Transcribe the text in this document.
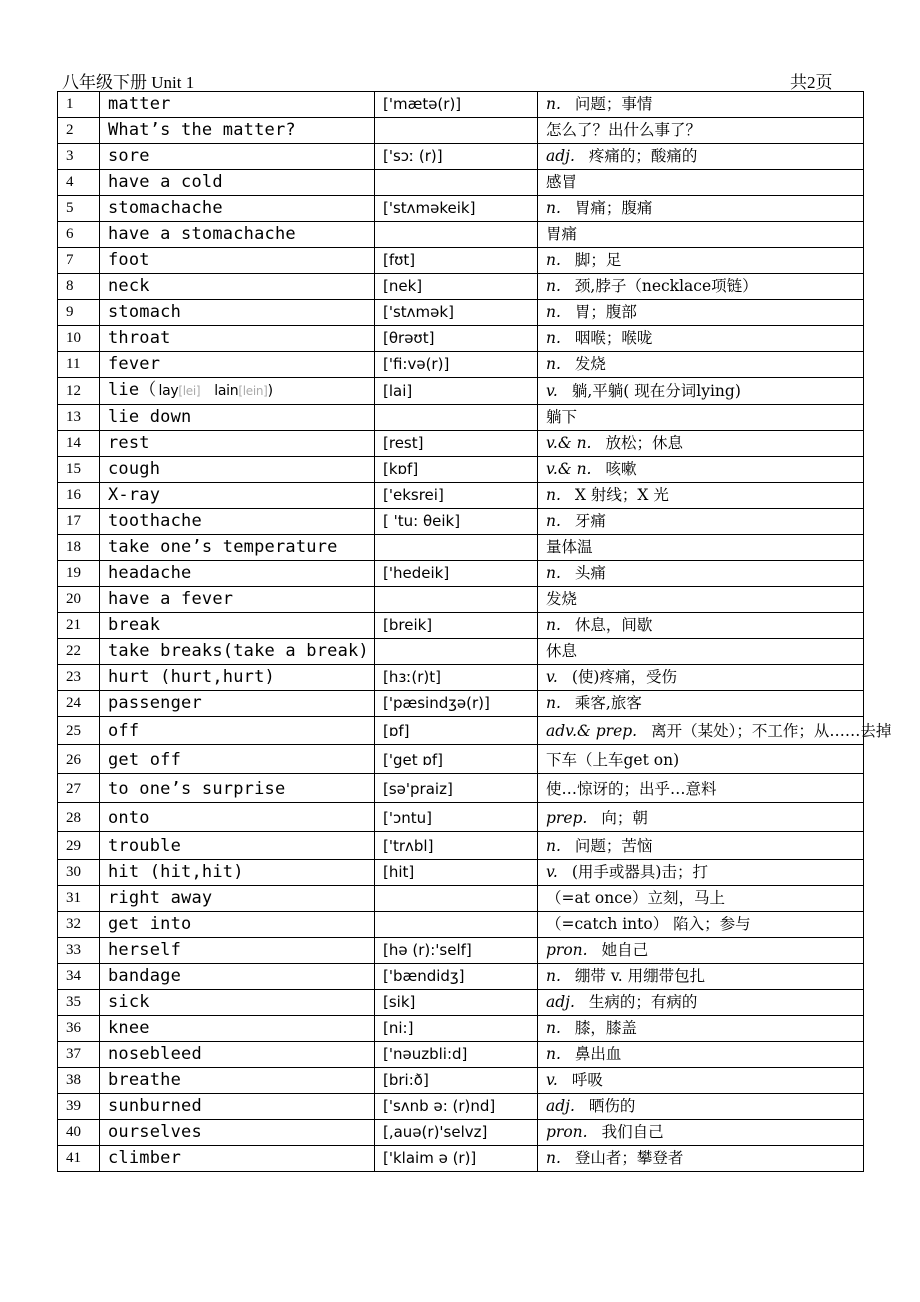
八年级下册 Unit 1	共2页
1	matter	['mætə(r)]	n. 问题；事情
2	What’s the matter?		怎么了？出什么事了？
3	sore	['sɔː (r)]	adj. 疼痛的；酸痛的
4	have a cold		感冒
5	stomachache	['stʌməkeik]	n. 胃痛；腹痛
6	have a stomachache		胃痛
7	foot	[fʊt]	n. 脚；足
8	neck	[nek]	n. 颈,脖子（necklace项链）
9	stomach	['stʌmək]	n. 胃；腹部
10	throat	[θrəʊt]	n. 咽喉；喉咙
11	fever	['fi:və(r)]	n. 发烧
12	lie（ lay[lei] lain[lein])	[lai]	v. 躺,平躺( 现在分词lying)
13	lie down		躺下
14	rest	[rest]	v.& n. 放松；休息
15	cough	[kɒf]	v.& n. 咳嗽
16	X-ray	['eksrei]	n. X 射线；X 光
17	toothache	[ 'tu: θeik]	n. 牙痛
18	take one’s temperature		量体温
19	headache	['hedeik]	n. 头痛
20	have a fever		发烧
21	break	[breik]	n. 休息，间歇
22	take breaks(take a break)		休息
23	hurt (hurt,hurt)	[hɜː(r)t]	v. (使)疼痛，受伤
24	passenger	['pæsindʒə(r)]	n. 乘客,旅客
25	off	[ɒf]	adv.& prep. 离开（某处）；不工作；从……去掉
26	get off	['get ɒf]	下车（上车get on)
27	to one’s surprise	[sə'praiz]	使…惊讶的；出乎…意料
28	onto	['ɔntu]	prep. 向；朝
29	trouble	['trʌbl]	n. 问题；苦恼
30	hit (hit,hit)	[hit]	v. (用手或器具)击；打
31	right away		（=at once）立刻，马上
32	get into		（=catch into） 陷入；参与
33	herself	[hə (r):'self]	pron. 她自己
34	bandage	['bændidʒ]	n. 绷带 v. 用绷带包扎
35	sick	[sik]	adj. 生病的；有病的
36	knee	[ni:]	n. 膝，膝盖
37	nosebleed	['nəuzbli:d]	n. 鼻出血
38	breathe	[bri:ð]	v. 呼吸
39	sunburned	['sʌnb ə: (r)nd]	adj. 晒伤的
40	ourselves	[,auə(r)'selvz]	pron. 我们自己
41	climber	['klaim ə (r)]	n. 登山者；攀登者
